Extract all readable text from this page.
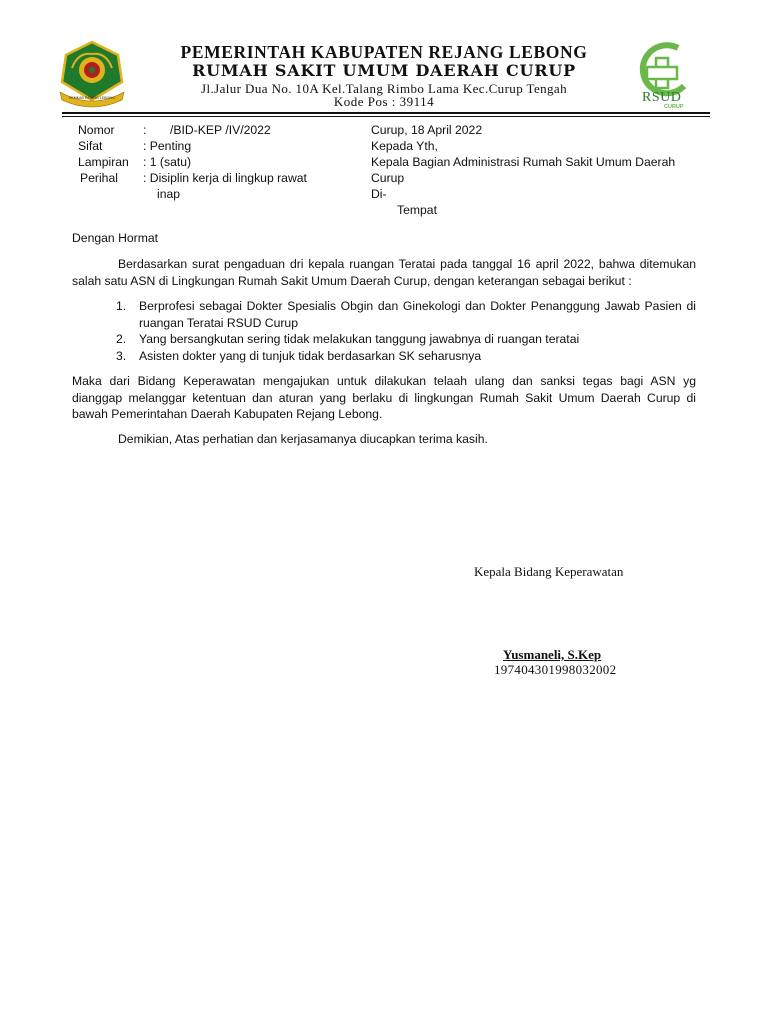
PEMKAB REJANG LEBONG	RSUD
CURUP
PEMERINTAH KABUPATEN REJANG LEBONG
RUMAH SAKIT UMUM DAERAH CURUP
Jl.Jalur Dua No. 10A Kel.Talang Rimbo Lama Kec.Curup Tengah
Kode Pos : 39114
Nomor : /BID-KEP /IV/2022
Sifat	: Penting
Lampiran : 1 (satu)
Perihal : Disiplin kerja di lingkup rawat
inap
Curup, 18 April 2022
Kepada Yth,
Kepala Bagian Administrasi Rumah Sakit Umum Daerah
Curup
Di-
Tempat
Dengan Hormat
Berdasarkan surat pengaduan dri kepala ruangan Teratai pada tanggal 16 april 2022, bahwa ditemukan
salah satu ASN di Lingkungan Rumah Sakit Umum Daerah Curup, dengan keterangan sebagai berikut :
1. Berprofesi sebagai Dokter Spesialis Obgin dan Ginekologi dan Dokter Penanggung Jawab Pasien di
ruangan Teratai RSUD Curup
2. Yang bersangkutan sering tidak melakukan tanggung jawabnya di ruangan teratai
3. Asisten dokter yang di tunjuk tidak berdasarkan SK seharusnya
Maka dari Bidang Keperawatan mengajukan untuk dilakukan telaah ulang dan sanksi tegas bagi ASN yg
dianggap melanggar ketentuan dan aturan yang berlaku di lingkungan Rumah Sakit Umum Daerah Curup di
bawah Pemerintahan Daerah Kabupaten Rejang Lebong.
Demikian, Atas perhatian dan kerjasamanya diucapkan terima kasih.
Kepala Bidang Keperawatan
Yusmaneli, S.Kep
197404301998032002
